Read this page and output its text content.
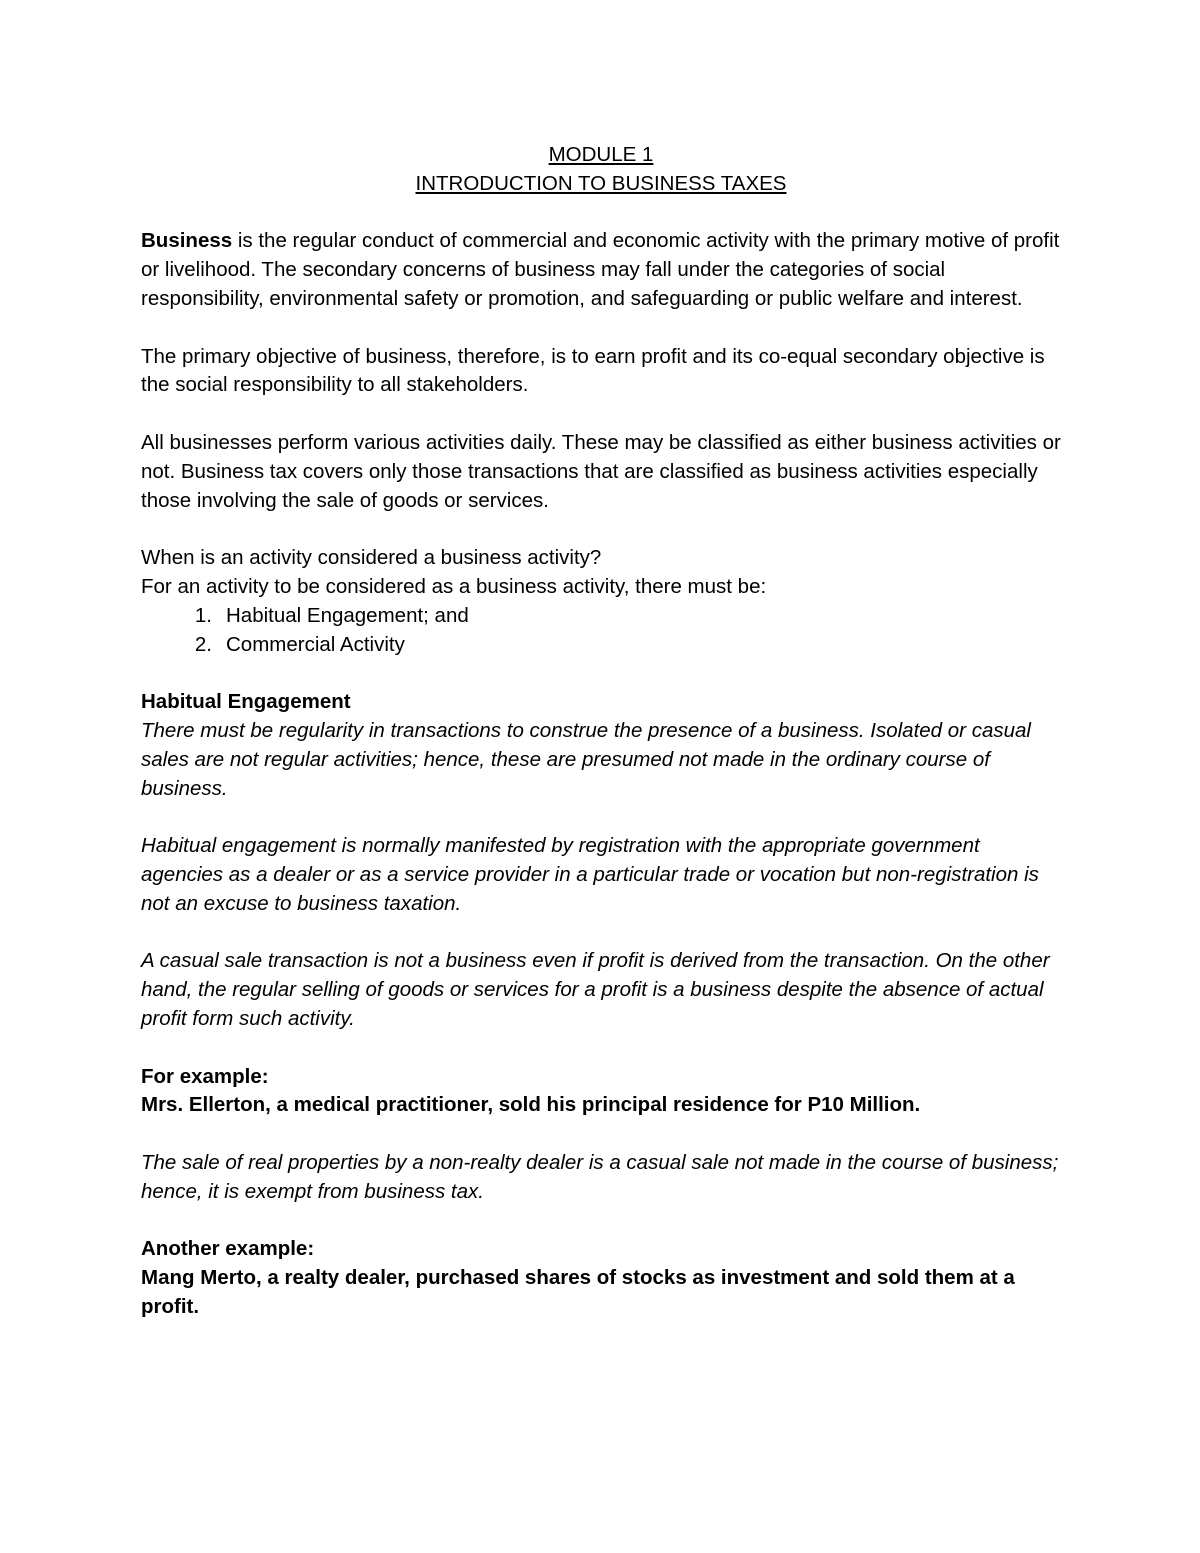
MODULE 1

INTRODUCTION TO BUSINESS TAXES

Business is the regular conduct of commercial and economic activity with the primary motive of profit or livelihood. The secondary concerns of business may fall under the categories of social responsibility, environmental safety or promotion, and safeguarding or public welfare and interest.

The primary objective of business, therefore, is to earn profit and its co-equal secondary objective is the social responsibility to all stakeholders.

All businesses perform various activities daily. These may be classified as either business activities or not. Business tax covers only those transactions that are classified as business activities especially those involving the sale of goods or services.

When is an activity considered a business activity?

For an activity to be considered as a business activity, there must be:

1. Habitual Engagement; and
2. Commercial Activity

Habitual Engagement

There must be regularity in transactions to construe the presence of a business. Isolated or casual sales are not regular activities; hence, these are presumed not made in the ordinary course of business.

Habitual engagement is normally manifested by registration with the appropriate government agencies as a dealer or as a service provider in a particular trade or vocation but non-registration is not an excuse to business taxation.

A casual sale transaction is not a business even if profit is derived from the transaction. On the other hand, the regular selling of goods or services for a profit is a business despite the absence of actual profit form such activity.

For example:

Mrs. Ellerton, a medical practitioner, sold his principal residence for P10 Million.

The sale of real properties by a non-realty dealer is a casual sale not made in the course of business; hence, it is exempt from business tax.

Another example:

Mang Merto, a realty dealer, purchased shares of stocks as investment and sold them at a profit.
